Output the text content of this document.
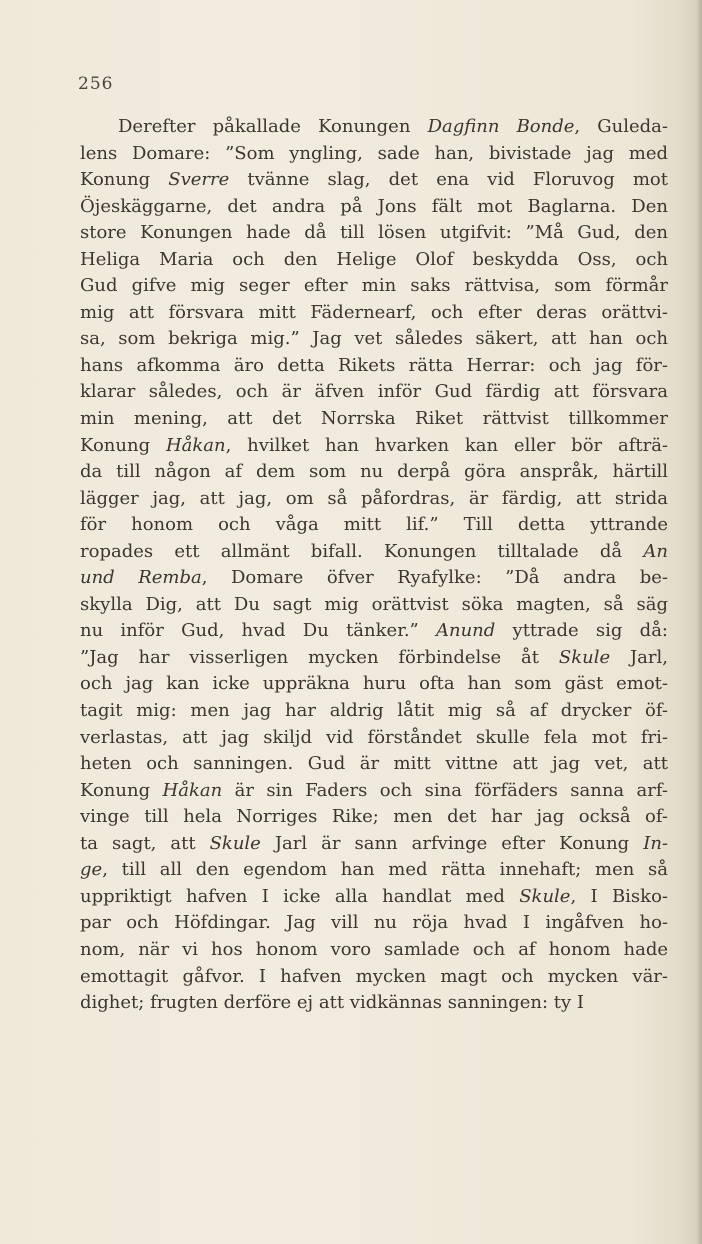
256
Derefter påkallade Konungen Dagfinn Bonde, Guleda-
lens Domare: ”Som yngling, sade han, bivistade jag med
Konung Sverre tvänne slag, det ena vid Floruvog mot
Öjeskäggarne, det andra på Jons fält mot Baglarna. Den
store Konungen hade då till lösen utgifvit: ”Må Gud, den
Heliga Maria och den Helige Olof beskydda Oss, och
Gud gifve mig seger efter min saks rättvisa, som förmår
mig att försvara mitt Fädernearf, och efter deras orättvi-
sa, som bekriga mig.” Jag vet således säkert, att han och
hans afkomma äro detta Rikets rätta Herrar: och jag för-
klarar således, och är äfven inför Gud färdig att försvara
min mening, att det Norrska Riket rättvist tillkommer
Konung Håkan, hvilket han hvarken kan eller bör afträ-
da till någon af dem som nu derpå göra anspråk, härtill
lägger jag, att jag, om så påfordras, är färdig, att strida
för honom och våga mitt lif.” Till detta yttrande
ropades ett allmänt bifall. Konungen tilltalade då An
und Remba, Domare öfver Ryafylke: ”Då andra be-
skylla Dig, att Du sagt mig orättvist söka magten, så säg
nu inför Gud, hvad Du tänker.” Anund yttrade sig då:
”Jag har visserligen mycken förbindelse åt Skule Jarl,
och jag kan icke uppräkna huru ofta han som gäst emot-
tagit mig: men jag har aldrig låtit mig så af drycker öf-
verlastas, att jag skiljd vid förståndet skulle fela mot fri-
heten och sanningen. Gud är mitt vittne att jag vet, att
Konung Håkan är sin Faders och sina förfäders sanna arf-
vinge till hela Norriges Rike; men det har jag också of-
ta sagt, att Skule Jarl är sann arfvinge efter Konung In-
ge, till all den egendom han med rätta innehaft; men så
uppriktigt hafven I icke alla handlat med Skule, I Bisko-
par och Höfdingar. Jag vill nu röja hvad I ingåfven ho-
nom, när vi hos honom voro samlade och af honom hade
emottagit gåfvor. I hafven mycken magt och mycken vär-
dighet; frugten derföre ej att vidkännas sanningen: ty I
